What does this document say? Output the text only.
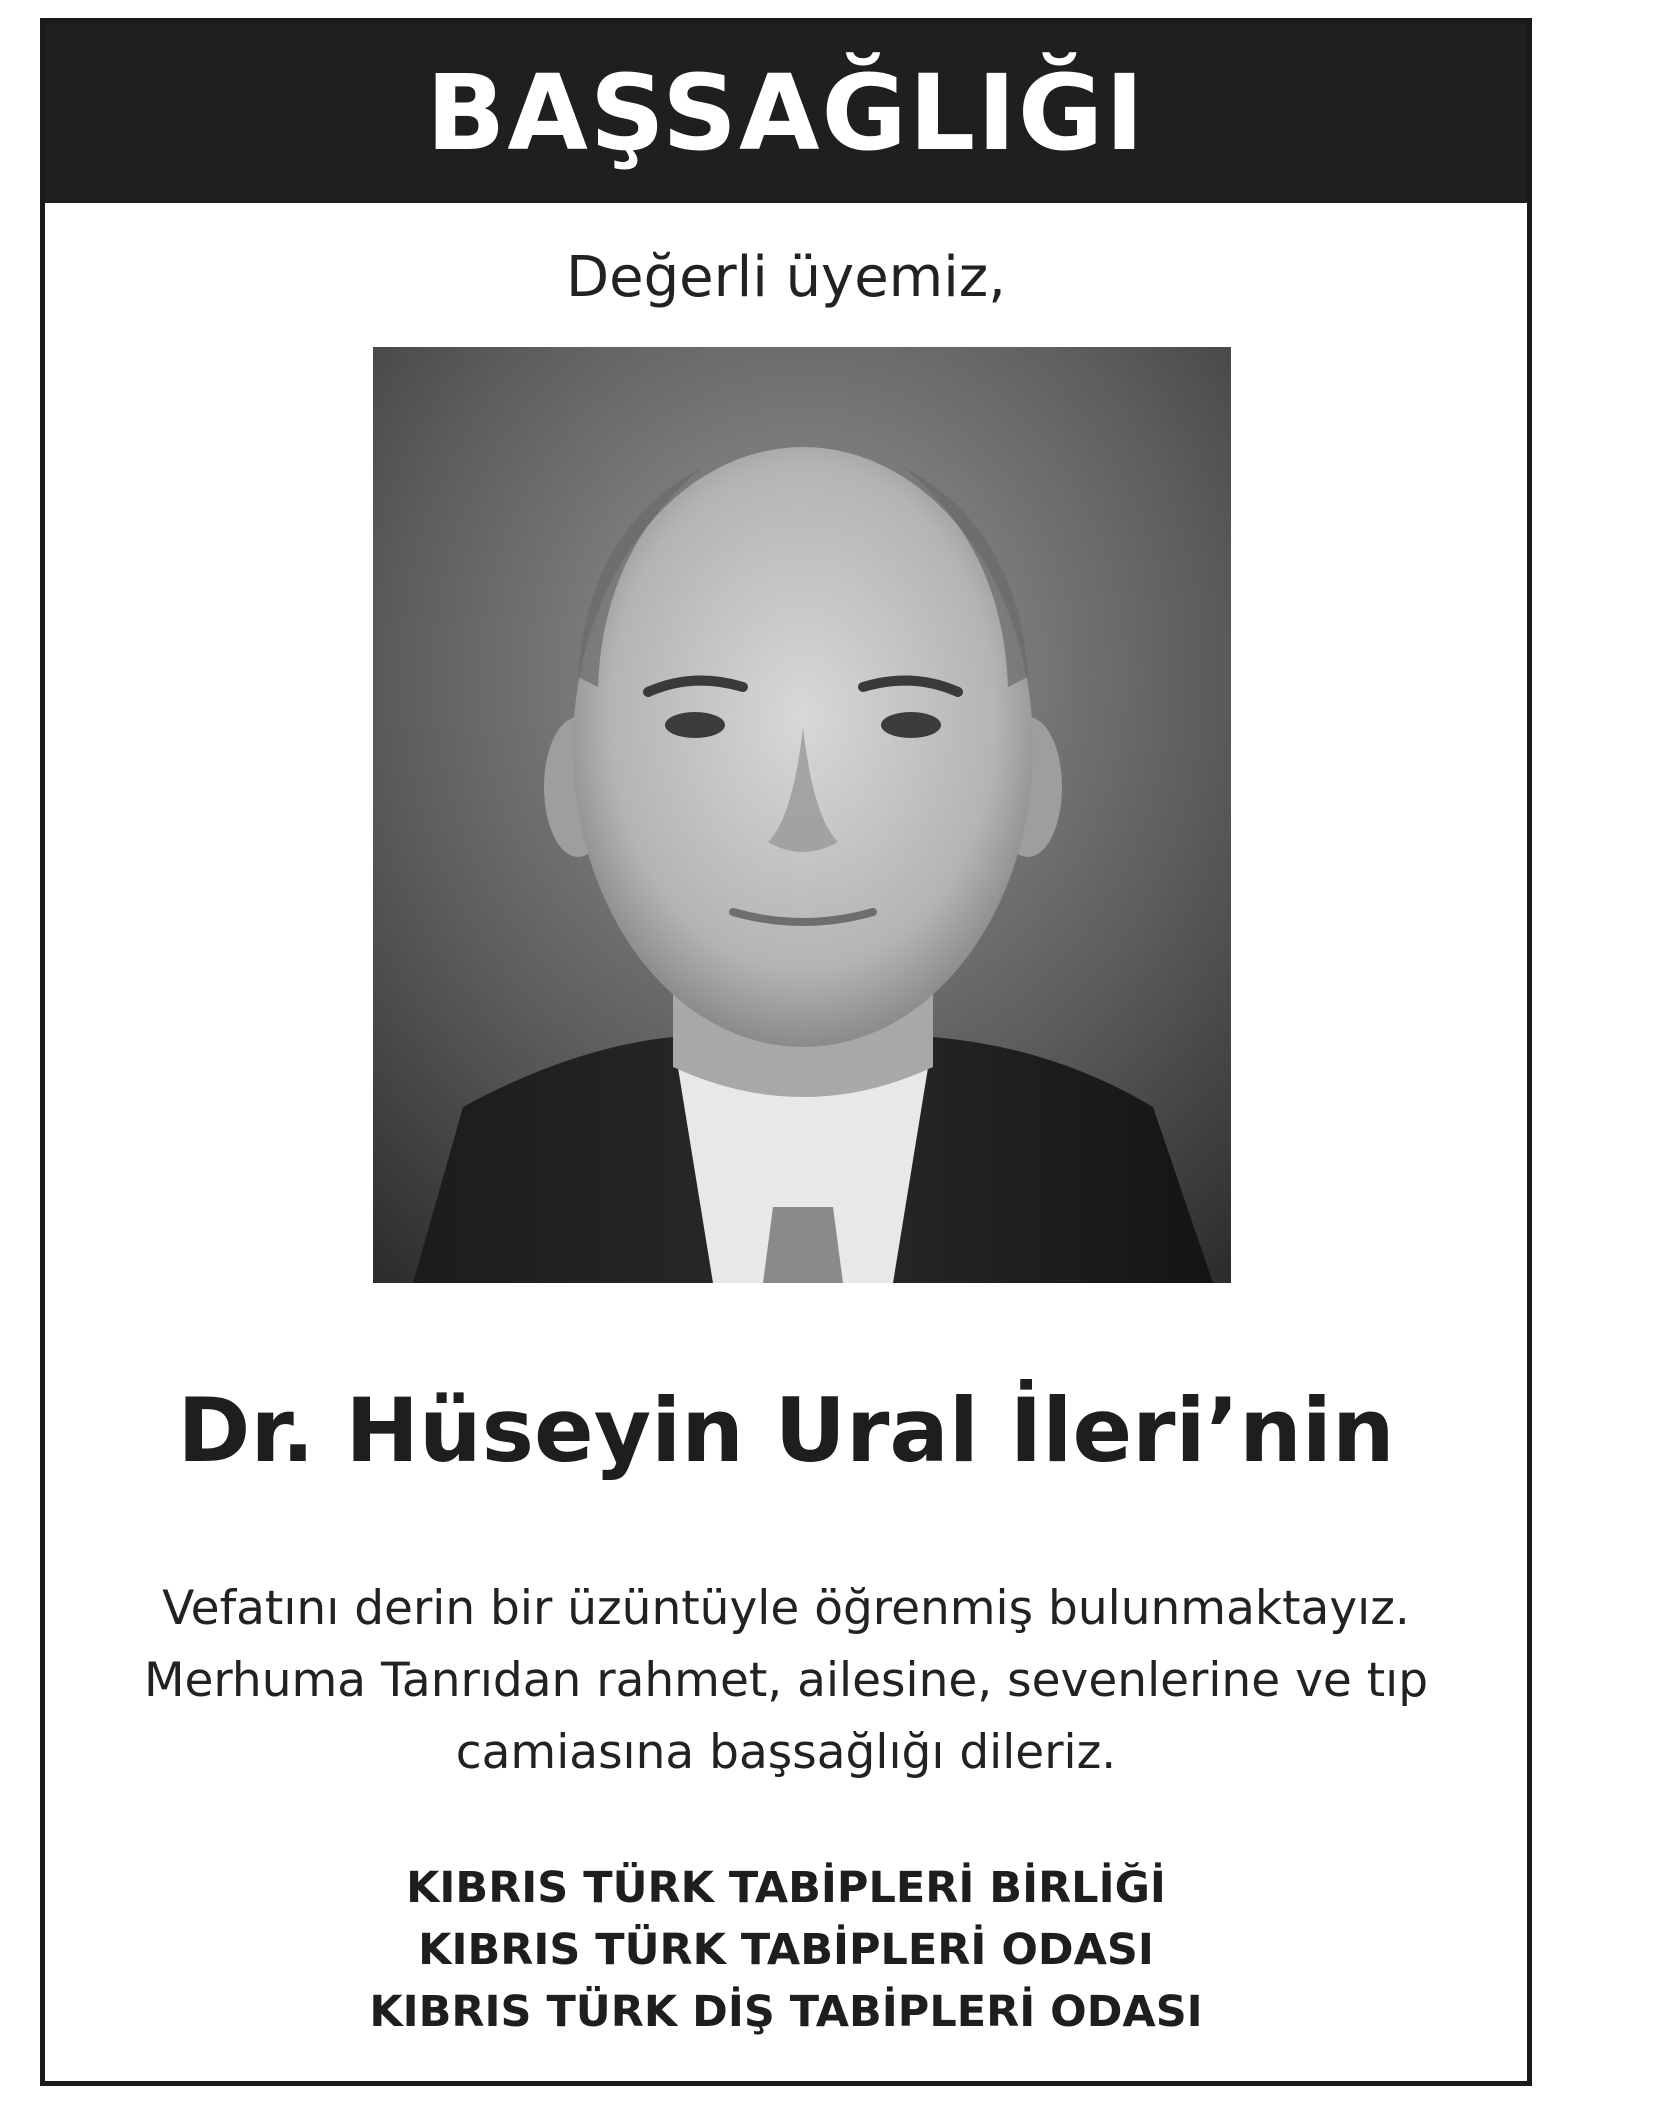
BAŞSAĞLIĞI
Değerli üyemiz,
Dr. Hüseyin Ural İleri’nin
Vefatını derin bir üzüntüyle öğrenmiş bulunmaktayız.
Merhuma Tanrıdan rahmet, ailesine, sevenlerine ve tıp
camiasına başsağlığı dileriz.
KIBRIS TÜRK TABİPLERİ BİRLİĞİ
KIBRIS TÜRK TABİPLERİ ODASI
KIBRIS TÜRK DİŞ TABİPLERİ ODASI
